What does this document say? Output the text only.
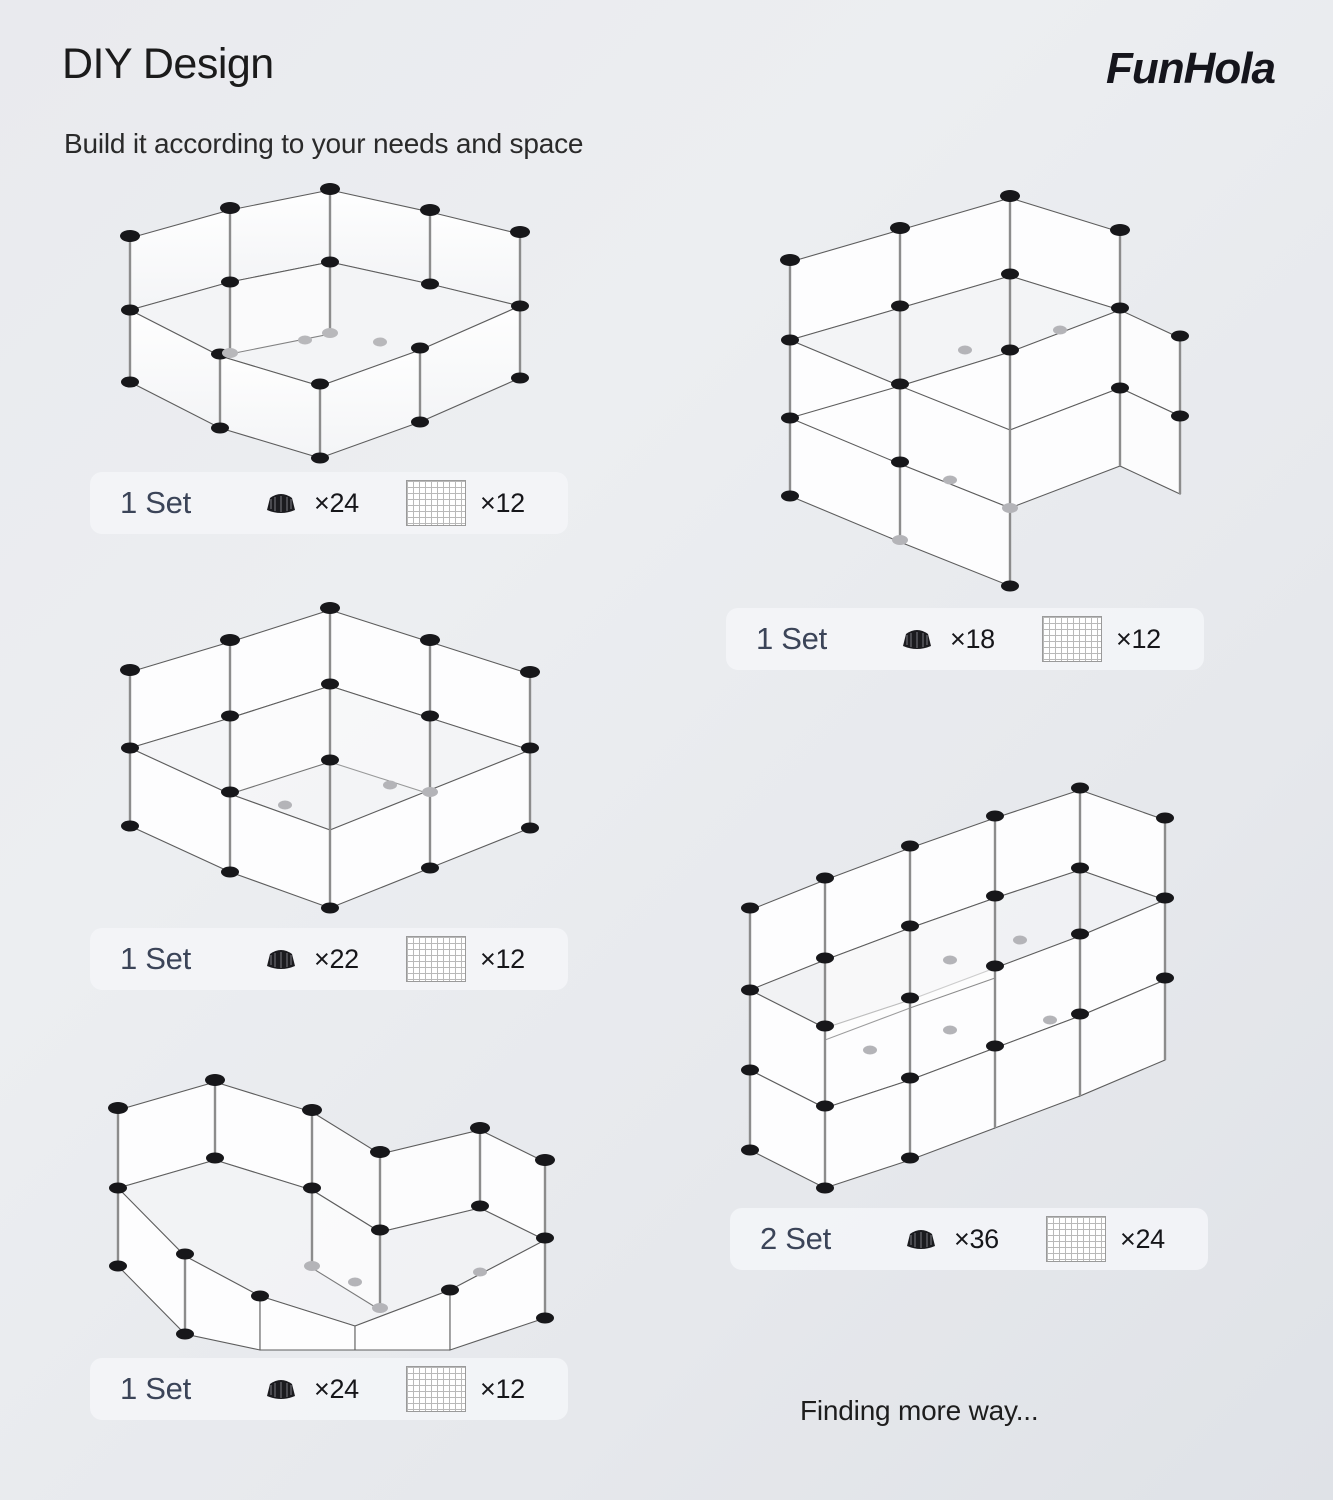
DIY Design
Build it according to your needs and space
FunHola
1 Set	×24	×12
1 Set	×22	×12
1 Set	×24	×12
1 Set	×18	×12
2 Set	×36	×24
Finding more way...
